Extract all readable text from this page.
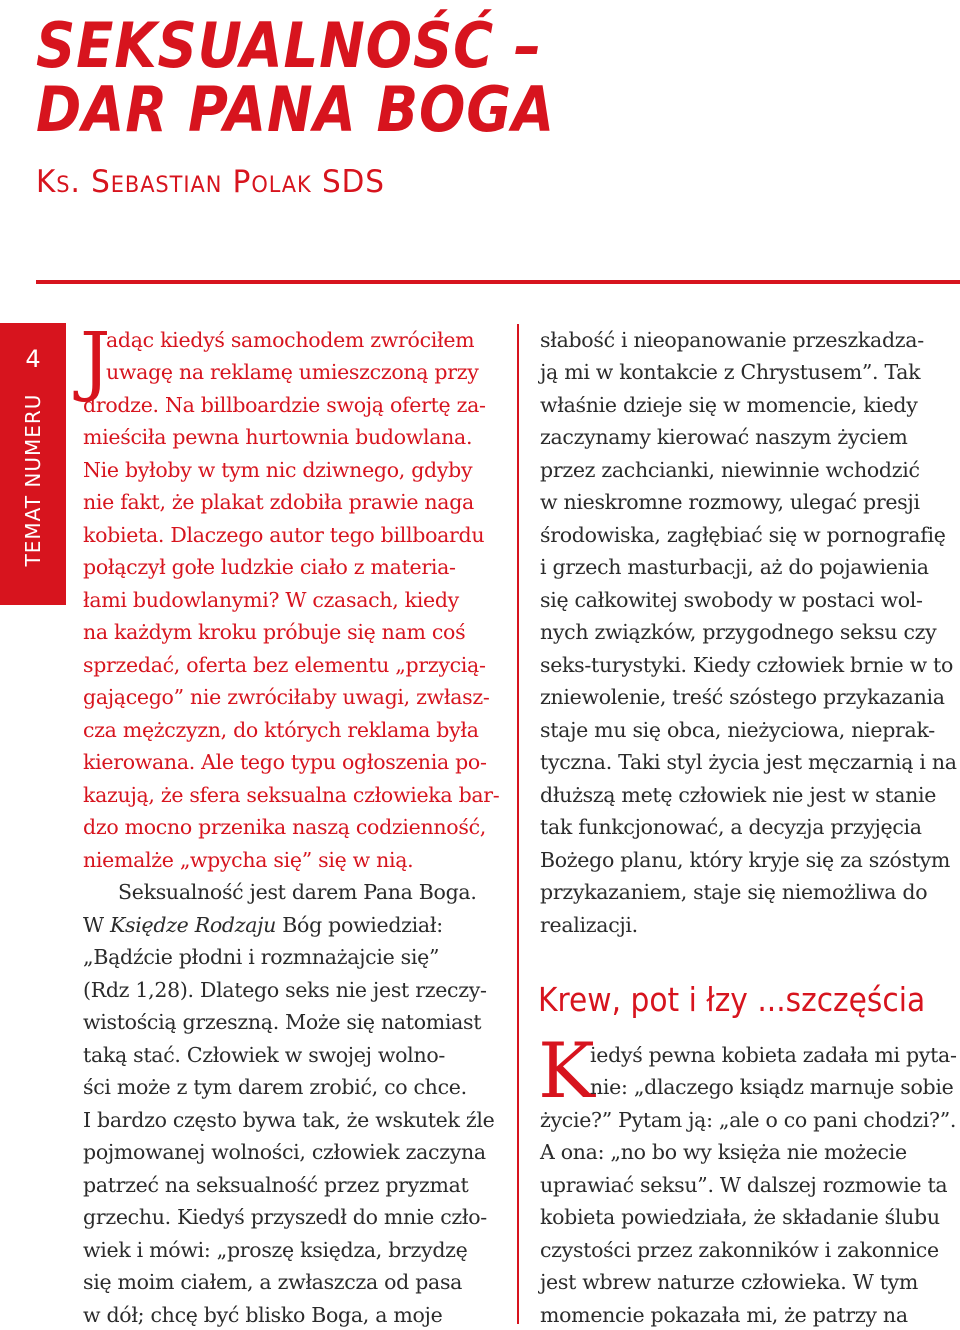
SEKSUALNOŚĆ –
DAR PANA BOGA
Ks. Sebastian Polak SDS
4
TEMAT NUMERU
J
adąc kiedyś samochodem zwróciłem
uwagę na reklamę umieszczoną przy
drodze. Na billboardzie swoją ofertę za-
mieściła pewna hurtownia budowlana.
Nie byłoby w tym nic dziwnego, gdyby
nie fakt, że plakat zdobiła prawie naga
kobieta. Dlaczego autor tego billboardu
połączył gołe ludzkie ciało z materia-
łami budowlanymi? W czasach, kiedy
na każdym kroku próbuje się nam coś
sprzedać, oferta bez elementu „przycią-
gającego” nie zwróciłaby uwagi, zwłasz-
cza mężczyzn, do których reklama była
kierowana. Ale tego typu ogłoszenia po-
kazują, że sfera seksualna człowieka bar-
dzo mocno przenika naszą codzienność,
niemalże „wpycha się” się w nią.
Seksualność jest darem Pana Boga.
W Księdze Rodzaju Bóg powiedział:
„Bądźcie płodni i rozmnażajcie się”
(Rdz 1,28). Dlatego seks nie jest rzeczy-
wistością grzeszną. Może się natomiast
taką stać. Człowiek w swojej wolno-
ści może z tym darem zrobić, co chce.
I bardzo często bywa tak, że wskutek źle
pojmowanej wolności, człowiek zaczyna
patrzeć na seksualność przez pryzmat
grzechu. Kiedyś przyszedł do mnie czło-
wiek i mówi: „proszę księdza, brzydzę
się moim ciałem, a zwłaszcza od pasa
w dół; chcę być blisko Boga, a moje
słabość i nieopanowanie przeszkadza-
ją mi w kontakcie z Chrystusem”. Tak
właśnie dzieje się w momencie, kiedy
zaczynamy kierować naszym życiem
przez zachcianki, niewinnie wchodzić
w nieskromne rozmowy, ulegać presji
środowiska, zagłębiać się w pornografię
i grzech masturbacji, aż do pojawienia
się całkowitej swobody w postaci wol-
nych związków, przygodnego seksu czy
seks-turystyki. Kiedy człowiek brnie w to
zniewolenie, treść szóstego przykazania
staje mu się obca, nieżyciowa, nieprak-
tyczna. Taki styl życia jest męczarnią i na
dłuższą metę człowiek nie jest w stanie
tak funkcjonować, a decyzja przyjęcia
Bożego planu, który kryje się za szóstym
przykazaniem, staje się niemożliwa do
realizacji.
Krew, pot i łzy ...szczęścia
K
iedyś pewna kobieta zadała mi pyta-
nie: „dlaczego ksiądz marnuje sobie
życie?” Pytam ją: „ale o co pani chodzi?”.
A ona: „no bo wy księża nie możecie
uprawiać seksu”. W dalszej rozmowie ta
kobieta powiedziała, że składanie ślubu
czystości przez zakonników i zakonnice
jest wbrew naturze człowieka. W tym
momencie pokazała mi, że patrzy na
